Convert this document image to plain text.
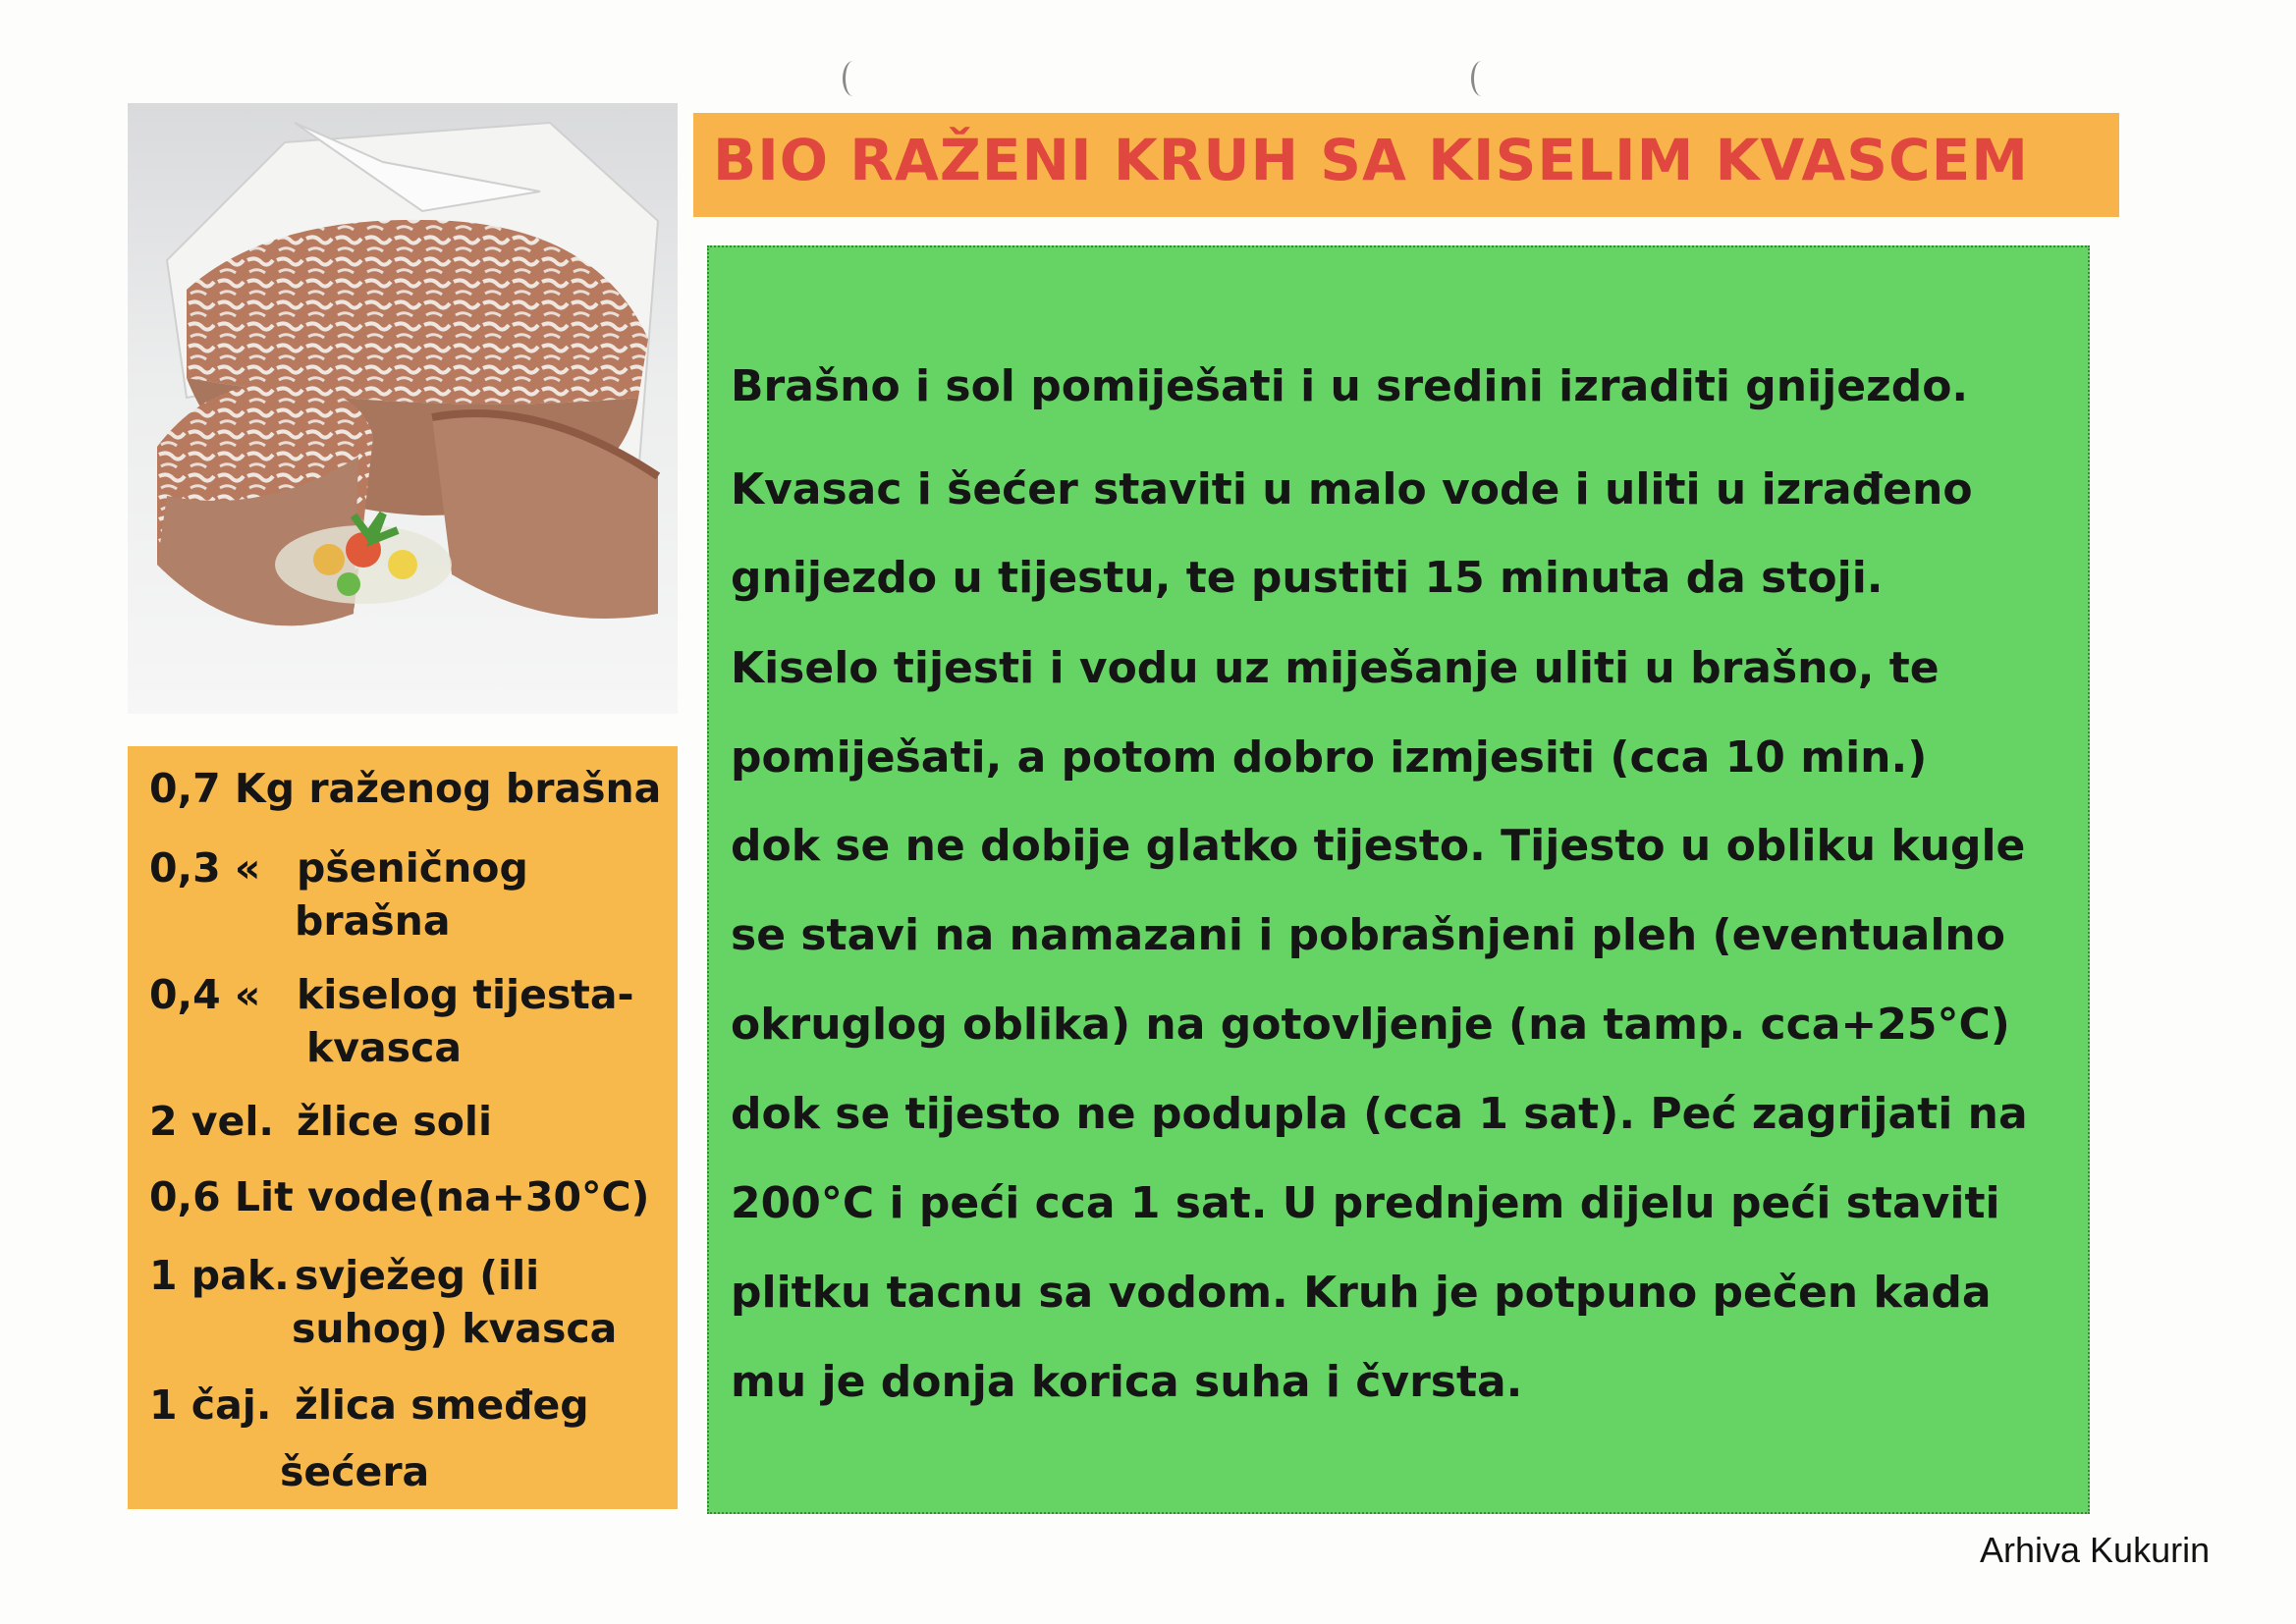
BIO RAŽENI KRUH SA KISELIM KVASCEM
0,7 Kg raženog brašna
0,3 « pšeničnog
brašna
0,4 « kiselog tijesta-
kvasca
2 vel. žlice soli
0,6 Lit vode(na+30°C)
1 pak. svježeg (ili
suhog) kvasca
1 čaj. žlica smeđeg
šećera
Brašno i sol pomiješati i u sredini izraditi gnijezdo.
Kvasac i šećer staviti u malo vode i uliti u izrađeno
gnijezdo u tijestu, te pustiti 15 minuta da stoji.
Kiselo tijesti i vodu uz miješanje uliti u brašno, te
pomiješati, a potom dobro izmjesiti (cca 10 min.)
dok se ne dobije glatko tijesto. Tijesto u obliku kugle
se stavi na namazani i pobrašnjeni pleh (eventualno
okruglog oblika) na gotovljenje (na tamp. cca+25°C)
dok se tijesto ne podupla (cca 1 sat). Peć zagrijati na
200°C i peći cca 1 sat. U prednjem dijelu peći staviti
plitku tacnu sa vodom. Kruh je potpuno pečen kada
mu je donja korica suha i čvrsta.
Arhiva Kukurin
